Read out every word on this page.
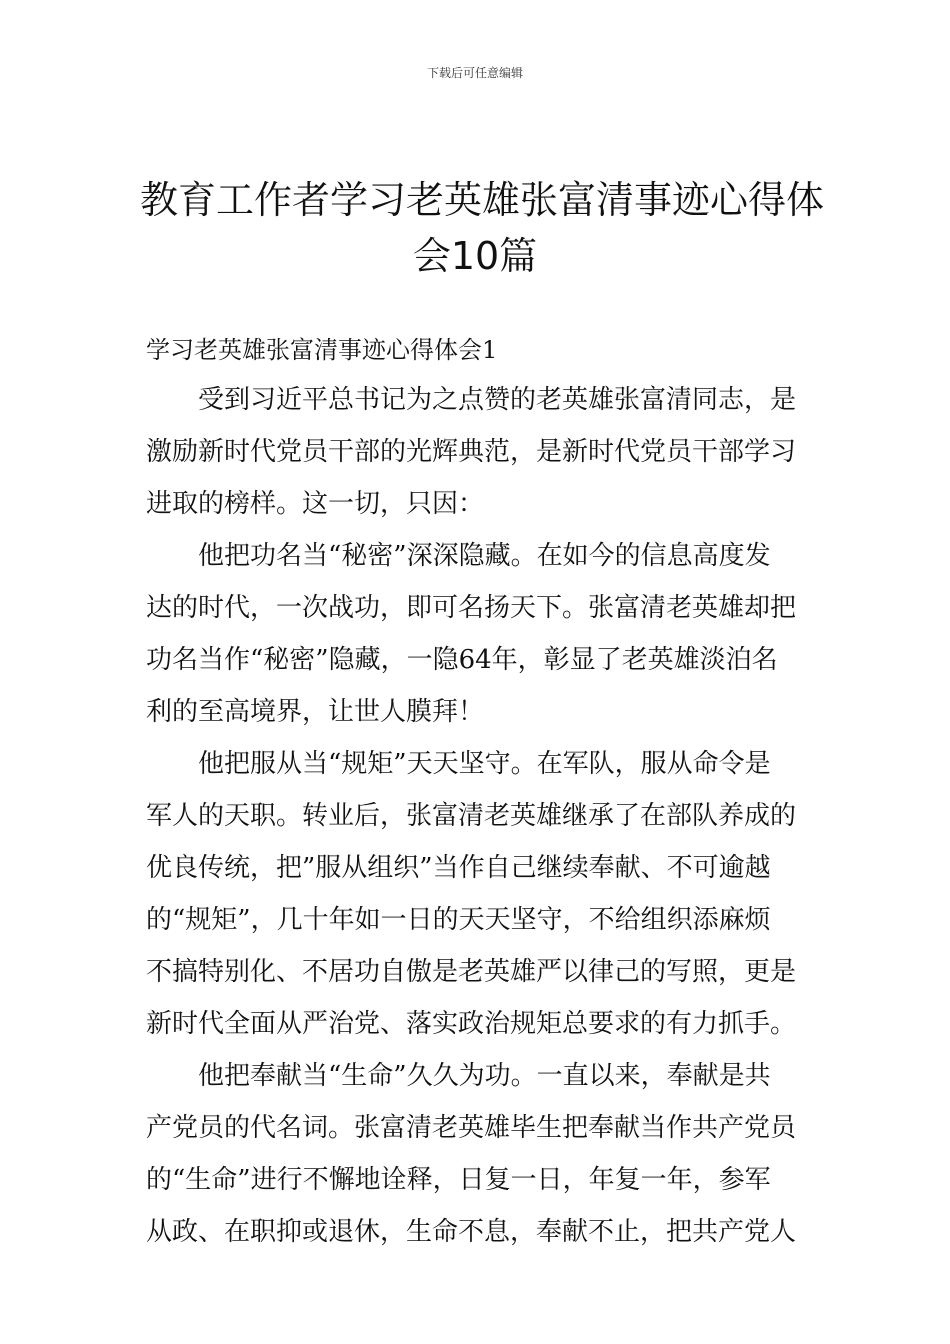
下载后可任意编辑
教育工作者学习老英雄张富清事迹心得体
会10篇
学习老英雄张富清事迹心得体会1
受到习近平总书记为之点赞的老英雄张富清同志，是
激励新时代党员干部的光辉典范，是新时代党员干部学习
进取的榜样。这一切，只因：
他把功名当“秘密”深深隐藏。在如今的信息高度发
达的时代，一次战功，即可名扬天下。张富清老英雄却把
功名当作“秘密”隐藏，一隐64年，彰显了老英雄淡泊名
利的至高境界，让世人膜拜！
他把服从当“规矩”天天坚守。在军队，服从命令是
军人的天职。转业后，张富清老英雄继承了在部队养成的
优良传统，把”服从组织”当作自己继续奉献、不可逾越
的“规矩”，几十年如一日的天天坚守，不给组织添麻烦
不搞特别化、不居功自傲是老英雄严以律己的写照，更是
新时代全面从严治党、落实政治规矩总要求的有力抓手。
他把奉献当“生命”久久为功。一直以来，奉献是共
产党员的代名词。张富清老英雄毕生把奉献当作共产党员
的“生命”进行不懈地诠释，日复一日，年复一年，参军
从政、在职抑或退休，生命不息，奉献不止，把共产党人
